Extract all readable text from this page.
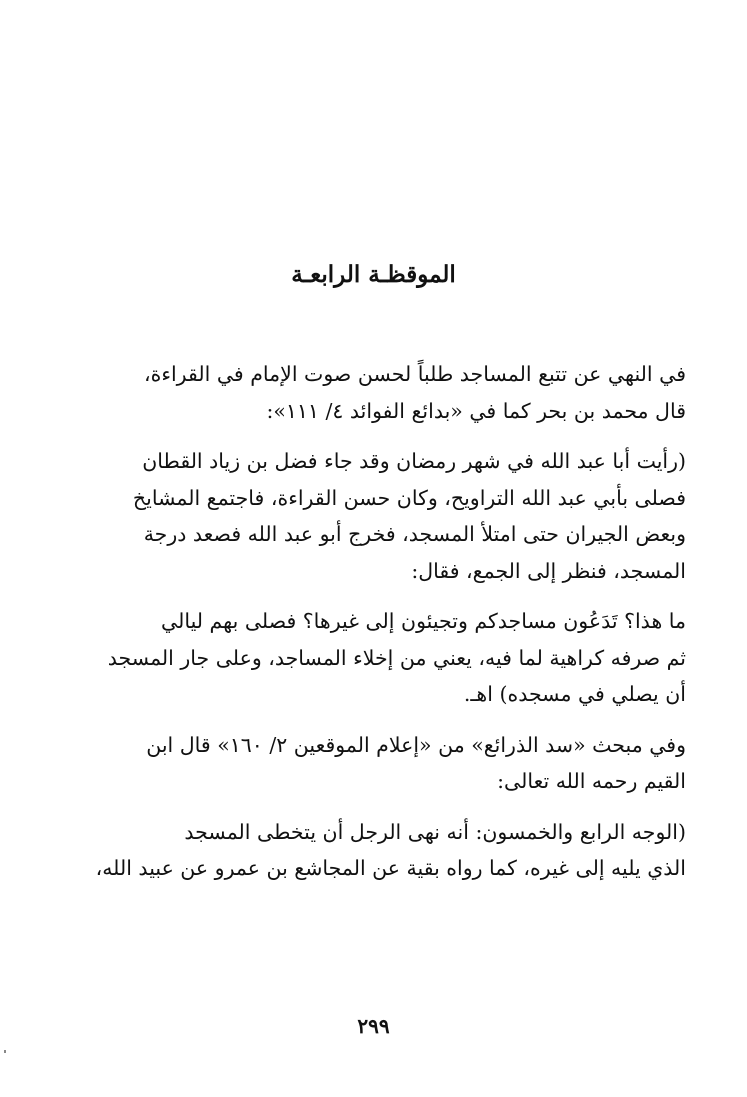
الموقظـة الرابعـة

في النهي عن تتبع المساجد طلباً لحسن صوت الإمام في القراءة،
قال محمد بن بحر كما في «بدائع الفوائد ٤/ ١١١»:

(رأيت أبا عبد الله في شهر رمضان وقد جاء فضل بن زياد القطان
فصلى بأبي عبد الله التراويح، وكان حسن القراءة، فاجتمع المشايخ
وبعض الجيران حتى امتلأ المسجد، فخرج أبو عبد الله فصعد درجة
المسجد، فنظر إلى الجمع، فقال:

ما هذا؟ تَدَعُون مساجدكم وتجيئون إلى غيرها؟ فصلى بهم ليالي
ثم صرفه كراهية لما فيه، يعني من إخلاء المساجد، وعلى جار المسجد
أن يصلي في مسجده) اهـ.

وفي مبحث «سد الذرائع» من «إعلام الموقعين ٢/ ١٦٠» قال ابن
القيم رحمه الله تعالى:

(الوجه الرابع والخمسون: أنه نهى الرجل أن يتخطى المسجد
الذي يليه إلى غيره، كما رواه بقية عن المجاشع بن عمرو عن عبيد الله،

٢٩٩
